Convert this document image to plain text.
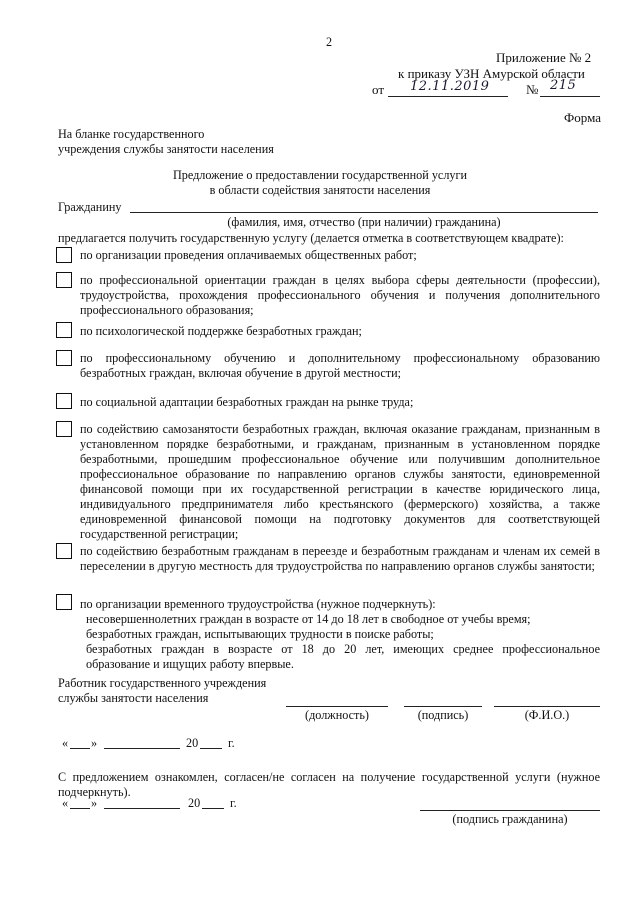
2
Приложение № 2
к приказу УЗН Амурской области
от 12.11.2019	№ 215
Форма
На бланке государственного
учреждения службы занятости населения
Предложение о предоставлении государственной услуги
в области содействия занятости населения
Гражданину
(фамилия, имя, отчество (при наличии) гражданина)
предлагается получить государственную услугу (делается отметка в соответствующем квадрате):
по организации проведения оплачиваемых общественных работ;
по профессиональной ориентации граждан в целях выбора сферы деятельности (профессии), трудоустройства, прохождения профессионального обучения и получения дополнительного профессионального образования;
по психологической поддержке безработных граждан;
по профессиональному обучению и дополнительному профессиональному образованию безработных граждан, включая обучение в другой местности;
по социальной адаптации безработных граждан на рынке труда;
по содействию самозанятости безработных граждан, включая оказание гражданам, признанным в установленном порядке безработными, и гражданам, признанным в установленном порядке безработными, прошедшим профессиональное обучение или получившим дополнительное профессиональное образование по направлению органов службы занятости, единовременной финансовой помощи при их государственной регистрации в качестве юридического лица, индивидуального предпринимателя либо крестьянского (фермерского) хозяйства, а также единовременной финансовой помощи на подготовку документов для соответствующей государственной регистрации;
по содействию безработным гражданам в переезде и безработным гражданам и членам их семей в переселении в другую местность для трудоустройства по направлению органов службы занятости;
по организации временного трудоустройства (нужное подчеркнуть):
несовершеннолетних граждан в возрасте от 14 до 18 лет в свободное от учебы время;
безработных граждан, испытывающих трудности в поиске работы;
безработных граждан в возрасте от 18 до 20 лет, имеющих среднее профессиональное образование и ищущих работу впервые.
Работник государственного учреждения
службы занятости населения
(должность)	(подпись)	(Ф.И.О.)
« »	20 г.
С предложением ознакомлен, согласен/не согласен на получение государственной услуги (нужное подчеркнуть).
« »	20 г.
(подпись гражданина)
